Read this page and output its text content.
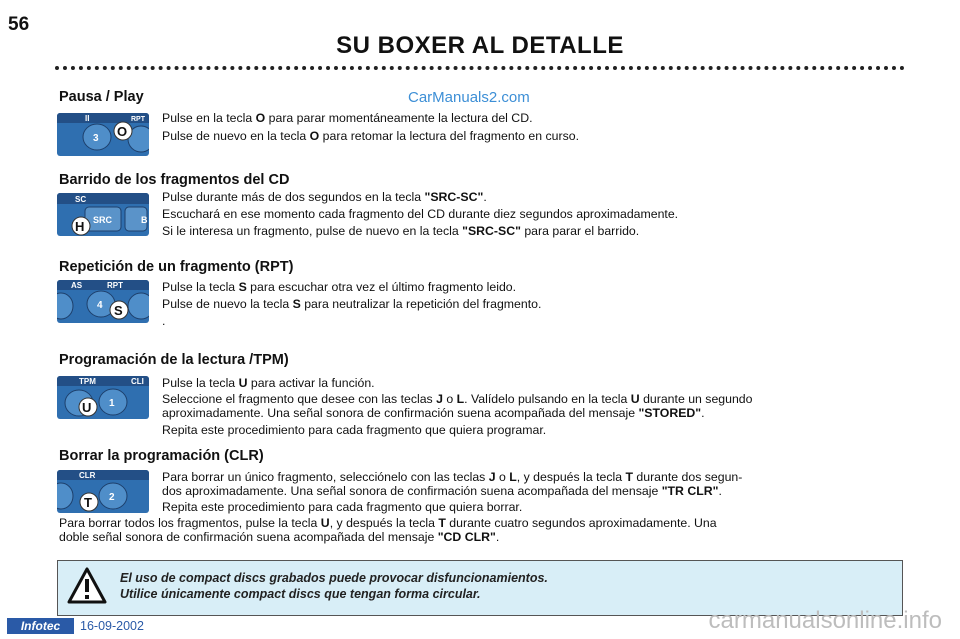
56
SU BOXER AL DETALLE
CarManuals2.com
Pausa / Play
II	RPT
3 O
Pulse en la tecla O para parar momentáneamente la lectura del CD.
Pulse de nuevo en la tecla O para retomar la lectura del fragmento en curso.
Barrido de los fragmentos del CD
SC
SRC	B
H
Pulse durante más de dos segundos en la tecla "SRC-SC".
Escuchará en ese momento cada fragmento del CD durante diez segundos aproximadamente.
Si le interesa un fragmento, pulse de nuevo en la tecla "SRC-SC" para parar el barrido.
Repetición de un fragmento (RPT)
AS	RPT
4 S
Pulse la tecla S para escuchar otra vez el último fragmento leido.
Pulse de nuevo la tecla S para neutralizar la repetición del fragmento.
.
Programación de la lectura /TPM)
TPM	CLI
1
U
Pulse la tecla U para activar la función.
Seleccione el fragmento que desee con las teclas J o L. Valídelo pulsando en la tecla U durante un segundo
aproximadamente. Una señal sonora de confirmación suena acompañada del mensaje "STORED".
Repita este procedimiento para cada fragmento que quiera programar.
Borrar la programación (CLR)
CLR
2
T
Para borrar un único fragmento, selecciónelo con las teclas J o L, y después la tecla T durante dos segun-
dos aproximadamente. Una señal sonora de confirmación suena acompañada del mensaje "TR CLR".
Repita este procedimiento para cada fragmento que quiera borrar.
Para borrar todos los fragmentos, pulse la tecla U, y después la tecla T durante cuatro segundos aproximadamente. Una
doble señal sonora de confirmación suena acompañada del mensaje "CD CLR".
El uso de compact discs grabados puede provocar disfuncionamientos.
Utilice únicamente compact discs que tengan forma circular.
Infotec	16-09-2002	carmanualsonline.info
